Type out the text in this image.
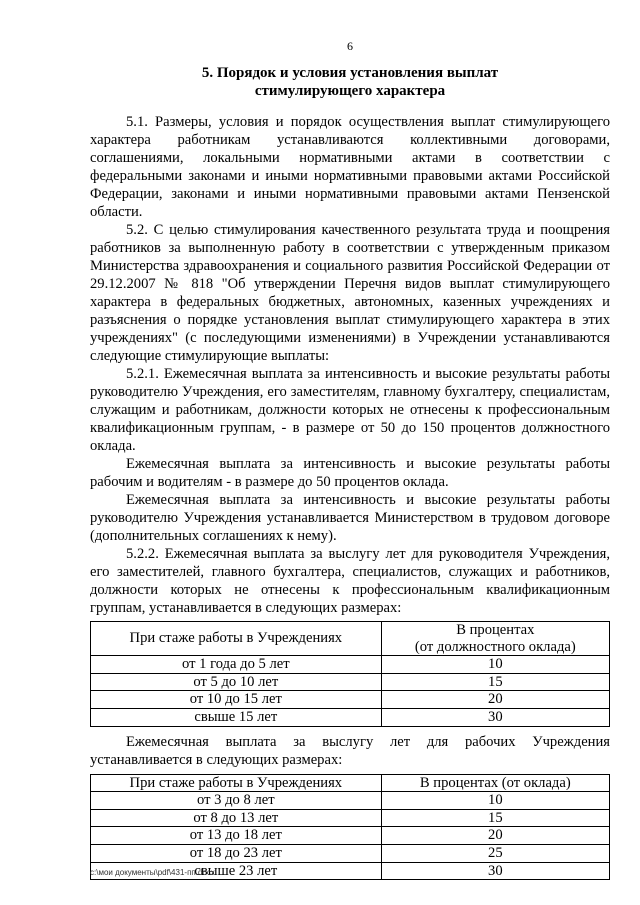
6
5. Порядок и условия установления выплат
стимулирующего характера

5.1. Размеры, условия и порядок осуществления выплат стимулирующего характера работникам устанавливаются коллективными договорами, соглашениями, локальными нормативными актами в соответствии с федеральными законами и иными нормативными правовыми актами Российской Федерации, законами и иными нормативными правовыми актами Пензенской области.

5.2. С целью стимулирования качественного результата труда и поощрения работников за выполненную работу в соответствии с утвержденным приказом Министерства здравоохранения и социального развития Российской Федерации от 29.12.2007 № 818 "Об утверждении Перечня видов выплат стимулирующего характера в федеральных бюджетных, автономных, казенных учреждениях и разъяснения о порядке установления выплат стимулирующего характера в этих учреждениях" (с последующими изменениями) в Учреждении устанавливаются следующие стимулирующие выплаты:

5.2.1. Ежемесячная выплата за интенсивность и высокие результаты работы руководителю Учреждения, его заместителям, главному бухгалтеру, специалистам, служащим и работникам, должности которых не отнесены к профессиональным квалификационным группам, - в размере от 50 до 150 процентов должностного оклада.

Ежемесячная выплата за интенсивность и высокие результаты работы рабочим и водителям - в размере до 50 процентов оклада.

Ежемесячная выплата за интенсивность и высокие результаты работы руководителю Учреждения устанавливается Министерством в трудовом договоре (дополнительных соглашениях к нему).

5.2.2. Ежемесячная выплата за выслугу лет для руководителя Учреждения, его заместителей, главного бухгалтера, специалистов, служащих и работников, должности которых не отнесены к профессиональным квалификационным группам, устанавливается в следующих размерах:

При стаже работы в Учреждениях	В процентах
(от должностного оклада)

от 1 года до 5 лет	10
от 5 до 10 лет	15
от 10 до 15 лет	20
свыше 15 лет	30

Ежемесячная выплата за выслугу лет для рабочих Учреждения устанавливается в следующих размерах:

При стаже работы в Учреждениях	В процентах (от оклада)
от 3 до 8 лет	10
от 8 до 13 лет	15
от 13 до 18 лет	20
от 18 до 23 лет	25
свыше 23 лет	30
c:\мои документы\pdf\431-пп.docx
